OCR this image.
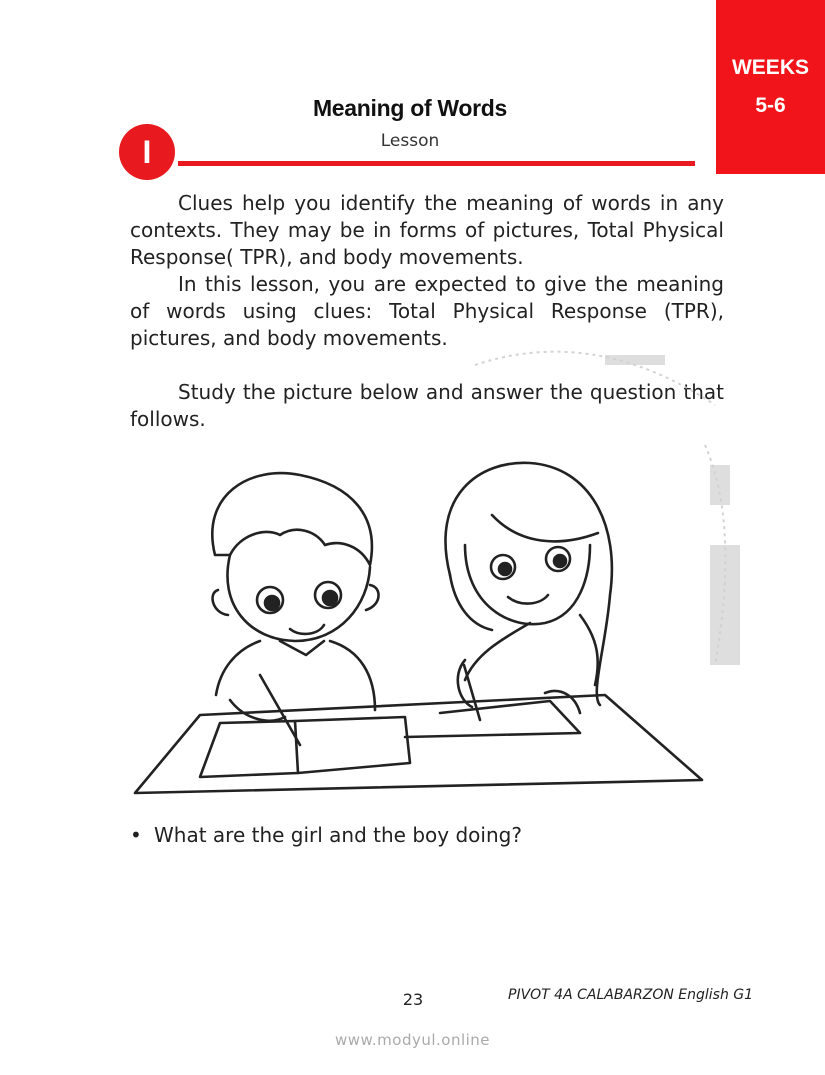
WEEKS
5-6
Meaning of Words
Lesson
I

Clues help you identify the meaning of words in any contexts. They may be in forms of pictures, Total Physical Response( TPR), and body movements.

In this lesson, you are expected to give the meaning of words using clues: Total Physical Response (TPR), pictures, and body movements.

Study the picture below and answer the question that follows.

• What are the girl and the boy doing?
23	PIVOT 4A CALABARZON English G1
www.modyul.online
